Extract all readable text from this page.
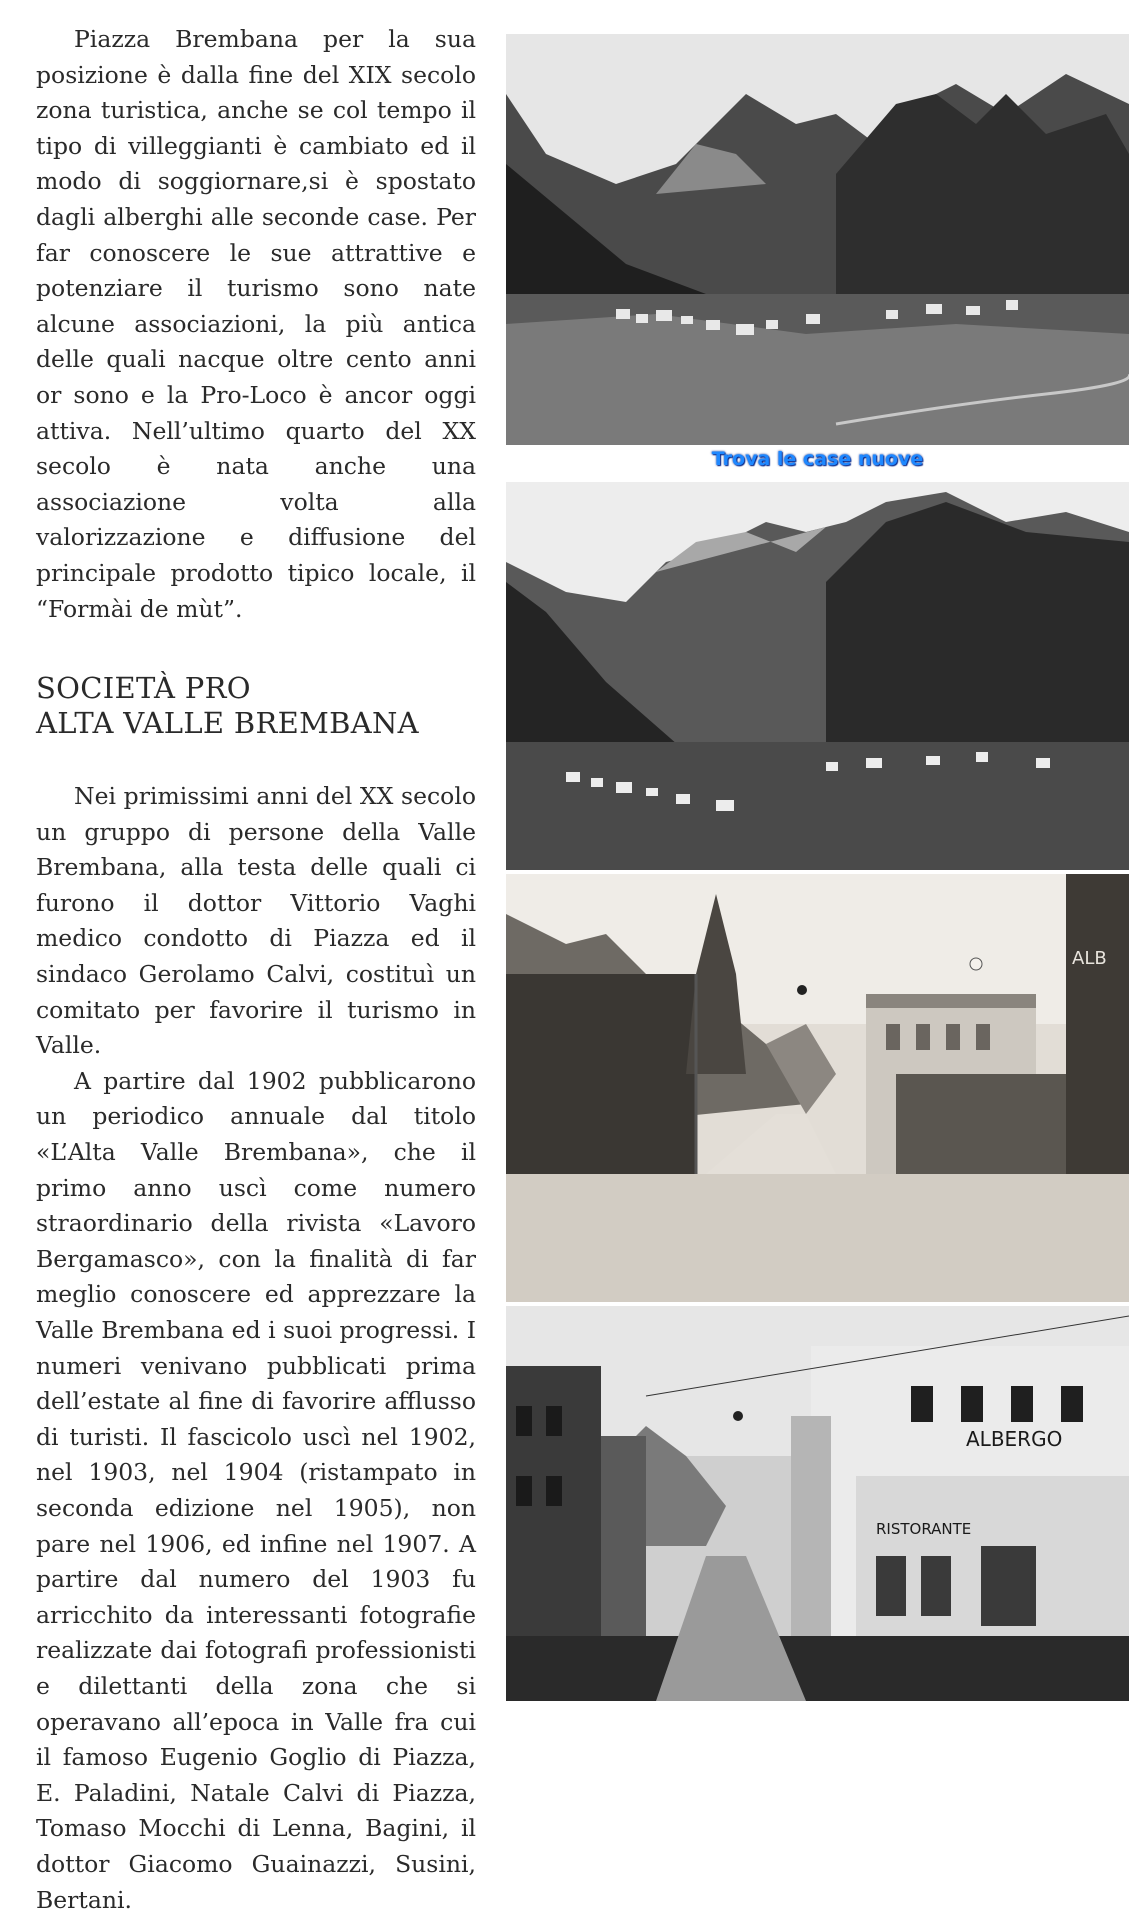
Piazza Brembana per la sua posizione è dalla fine del XIX secolo zona turistica, anche se col tempo il tipo di villeggianti è cambiato ed il modo di soggiornare,si è spostato dagli alberghi alle seconde case. Per far conoscere le sue attrattive e potenziare il turismo sono nate alcune associazioni, la più antica delle quali nacque oltre cento anni or sono e la Pro-Loco è ancor oggi attiva. Nell’ultimo quarto del XX secolo è nata anche una associazione volta alla valorizzazione e diffusione del principale prodotto tipico locale, il “Formài de mùt”.

SOCIETÀ PRO
ALTA VALLE BREMBANA

Nei primissimi anni del XX secolo un gruppo di persone della Valle Brembana, alla testa delle quali ci furono il dottor Vittorio Vaghi medico condotto di Piazza ed il sindaco Gerolamo Calvi, costituì un comitato per favorire il turismo in Valle.

A partire dal 1902 pubblicarono un periodico annuale dal titolo «L’Alta Valle Brembana», che il primo anno uscì come numero straordinario della rivista «Lavoro Bergamasco», con la finalità di far meglio conoscere ed apprezzare la Valle Brembana ed i suoi progressi. I numeri venivano pubblicati prima dell’estate al fine di favorire afflusso di turisti. Il fascicolo uscì nel 1902, nel 1903, nel 1904 (ristampato in seconda edizione nel 1905), non pare nel 1906, ed infine nel 1907. A partire dal numero del 1903 fu arricchito da interessanti fotografie realizzate dai fotografi professionisti e dilettanti della zona che si operavano all’epoca in Valle fra cui il famoso Eugenio Goglio di Piazza, E. Paladini, Natale Calvi di Piazza, Tomaso Mocchi di Lenna, Bagini, il dottor Giacomo Guainazzi, Susini, Bertani.

Trova le case nuove
ALB
ALBERGO
RISTORANTE
